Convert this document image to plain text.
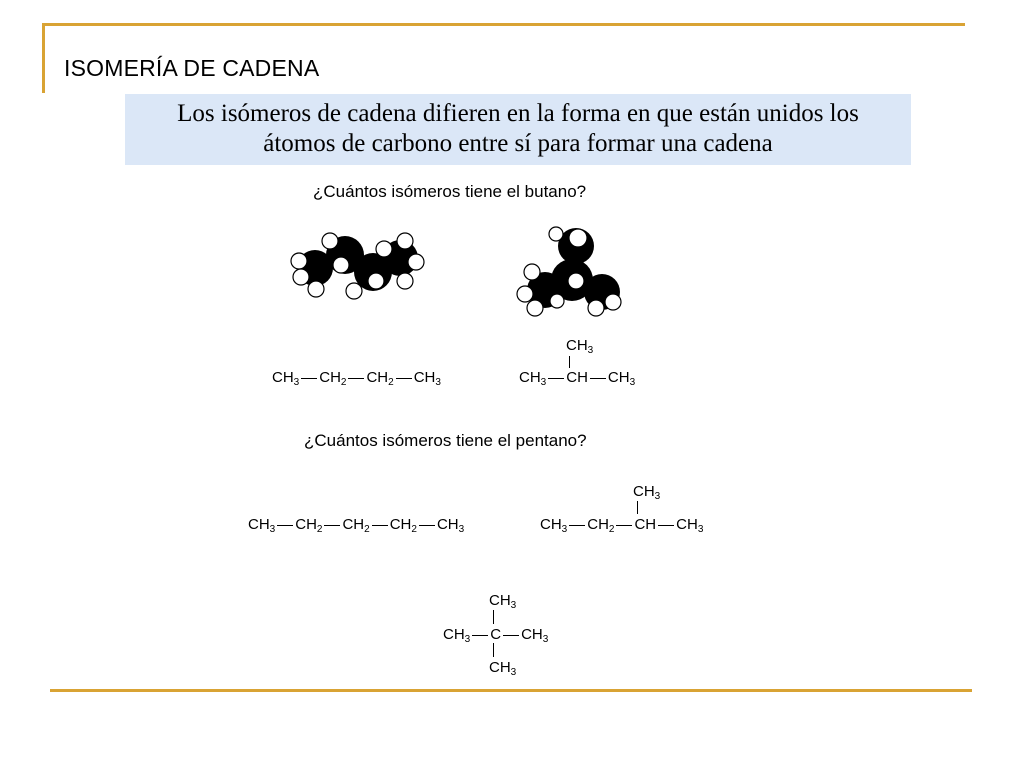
ISOMERÍA DE CADENA
Los isómeros de cadena difieren en la forma en que están unidos los
átomos de carbono entre sí para formar una cadena
¿Cuántos isómeros tiene el butano?
$CH_3$ $CH_2$ $CH_2$ $CH_3$
$CH_3$
$CH_3$ CH $CH_3$
¿Cuántos isómeros tiene el pentano?
$CH_3$ $CH_2$ $CH_2$ $CH_2$ $CH_3$
$CH_3$
$CH_3$ $CH_2$ CH $CH_3$
$CH_3$
$CH_3$ C $CH_3$
$CH_3$
